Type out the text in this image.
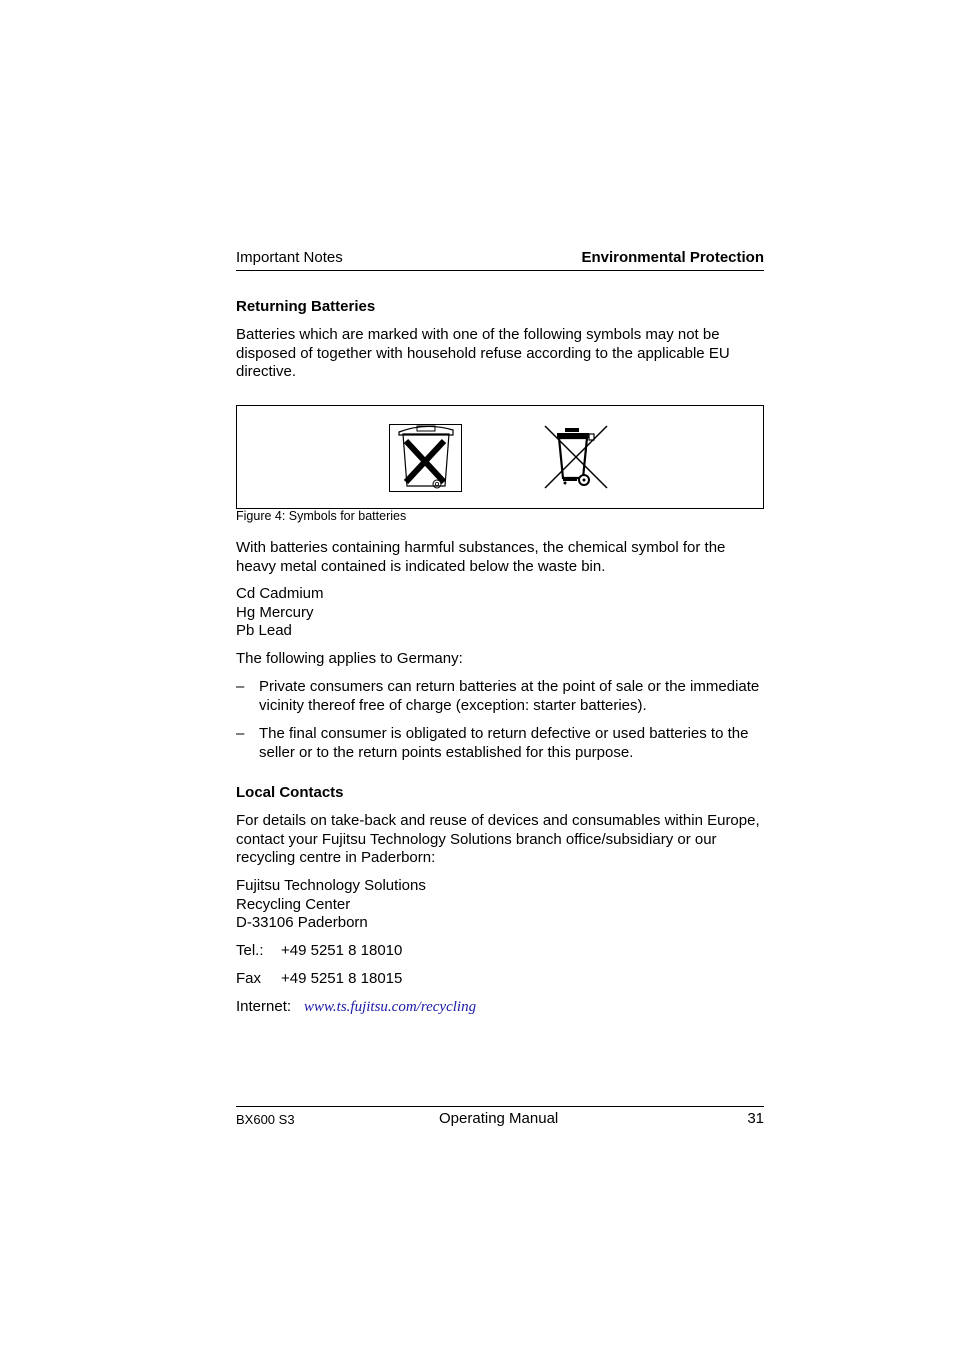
Important Notes	Environmental Protection
Returning Batteries
Batteries which are marked with one of the following symbols may not be
disposed of together with household refuse according to the applicable EU
directive.
Figure 4: Symbols for batteries
With batteries containing harmful substances, the chemical symbol for the
heavy metal contained is indicated below the waste bin.
Cd Cadmium
Hg Mercury
Pb Lead
The following applies to Germany:
– Private consumers can return batteries at the point of sale or the immediate
vicinity thereof free of charge (exception: starter batteries).
– The final consumer is obligated to return defective or used batteries to the
seller or to the return points established for this purpose.
Local Contacts
For details on take-back and reuse of devices and consumables within Europe,
contact your Fujitsu Technology Solutions branch office/subsidiary or our
recycling centre in Paderborn:
Fujitsu Technology Solutions
Recycling Center
D-33106 Paderborn
Tel.: +49 5251 8 18010
Fax +49 5251 8 18015
Internet: www.ts.fujitsu.com/recycling
BX600 S3	Operating Manual	31
